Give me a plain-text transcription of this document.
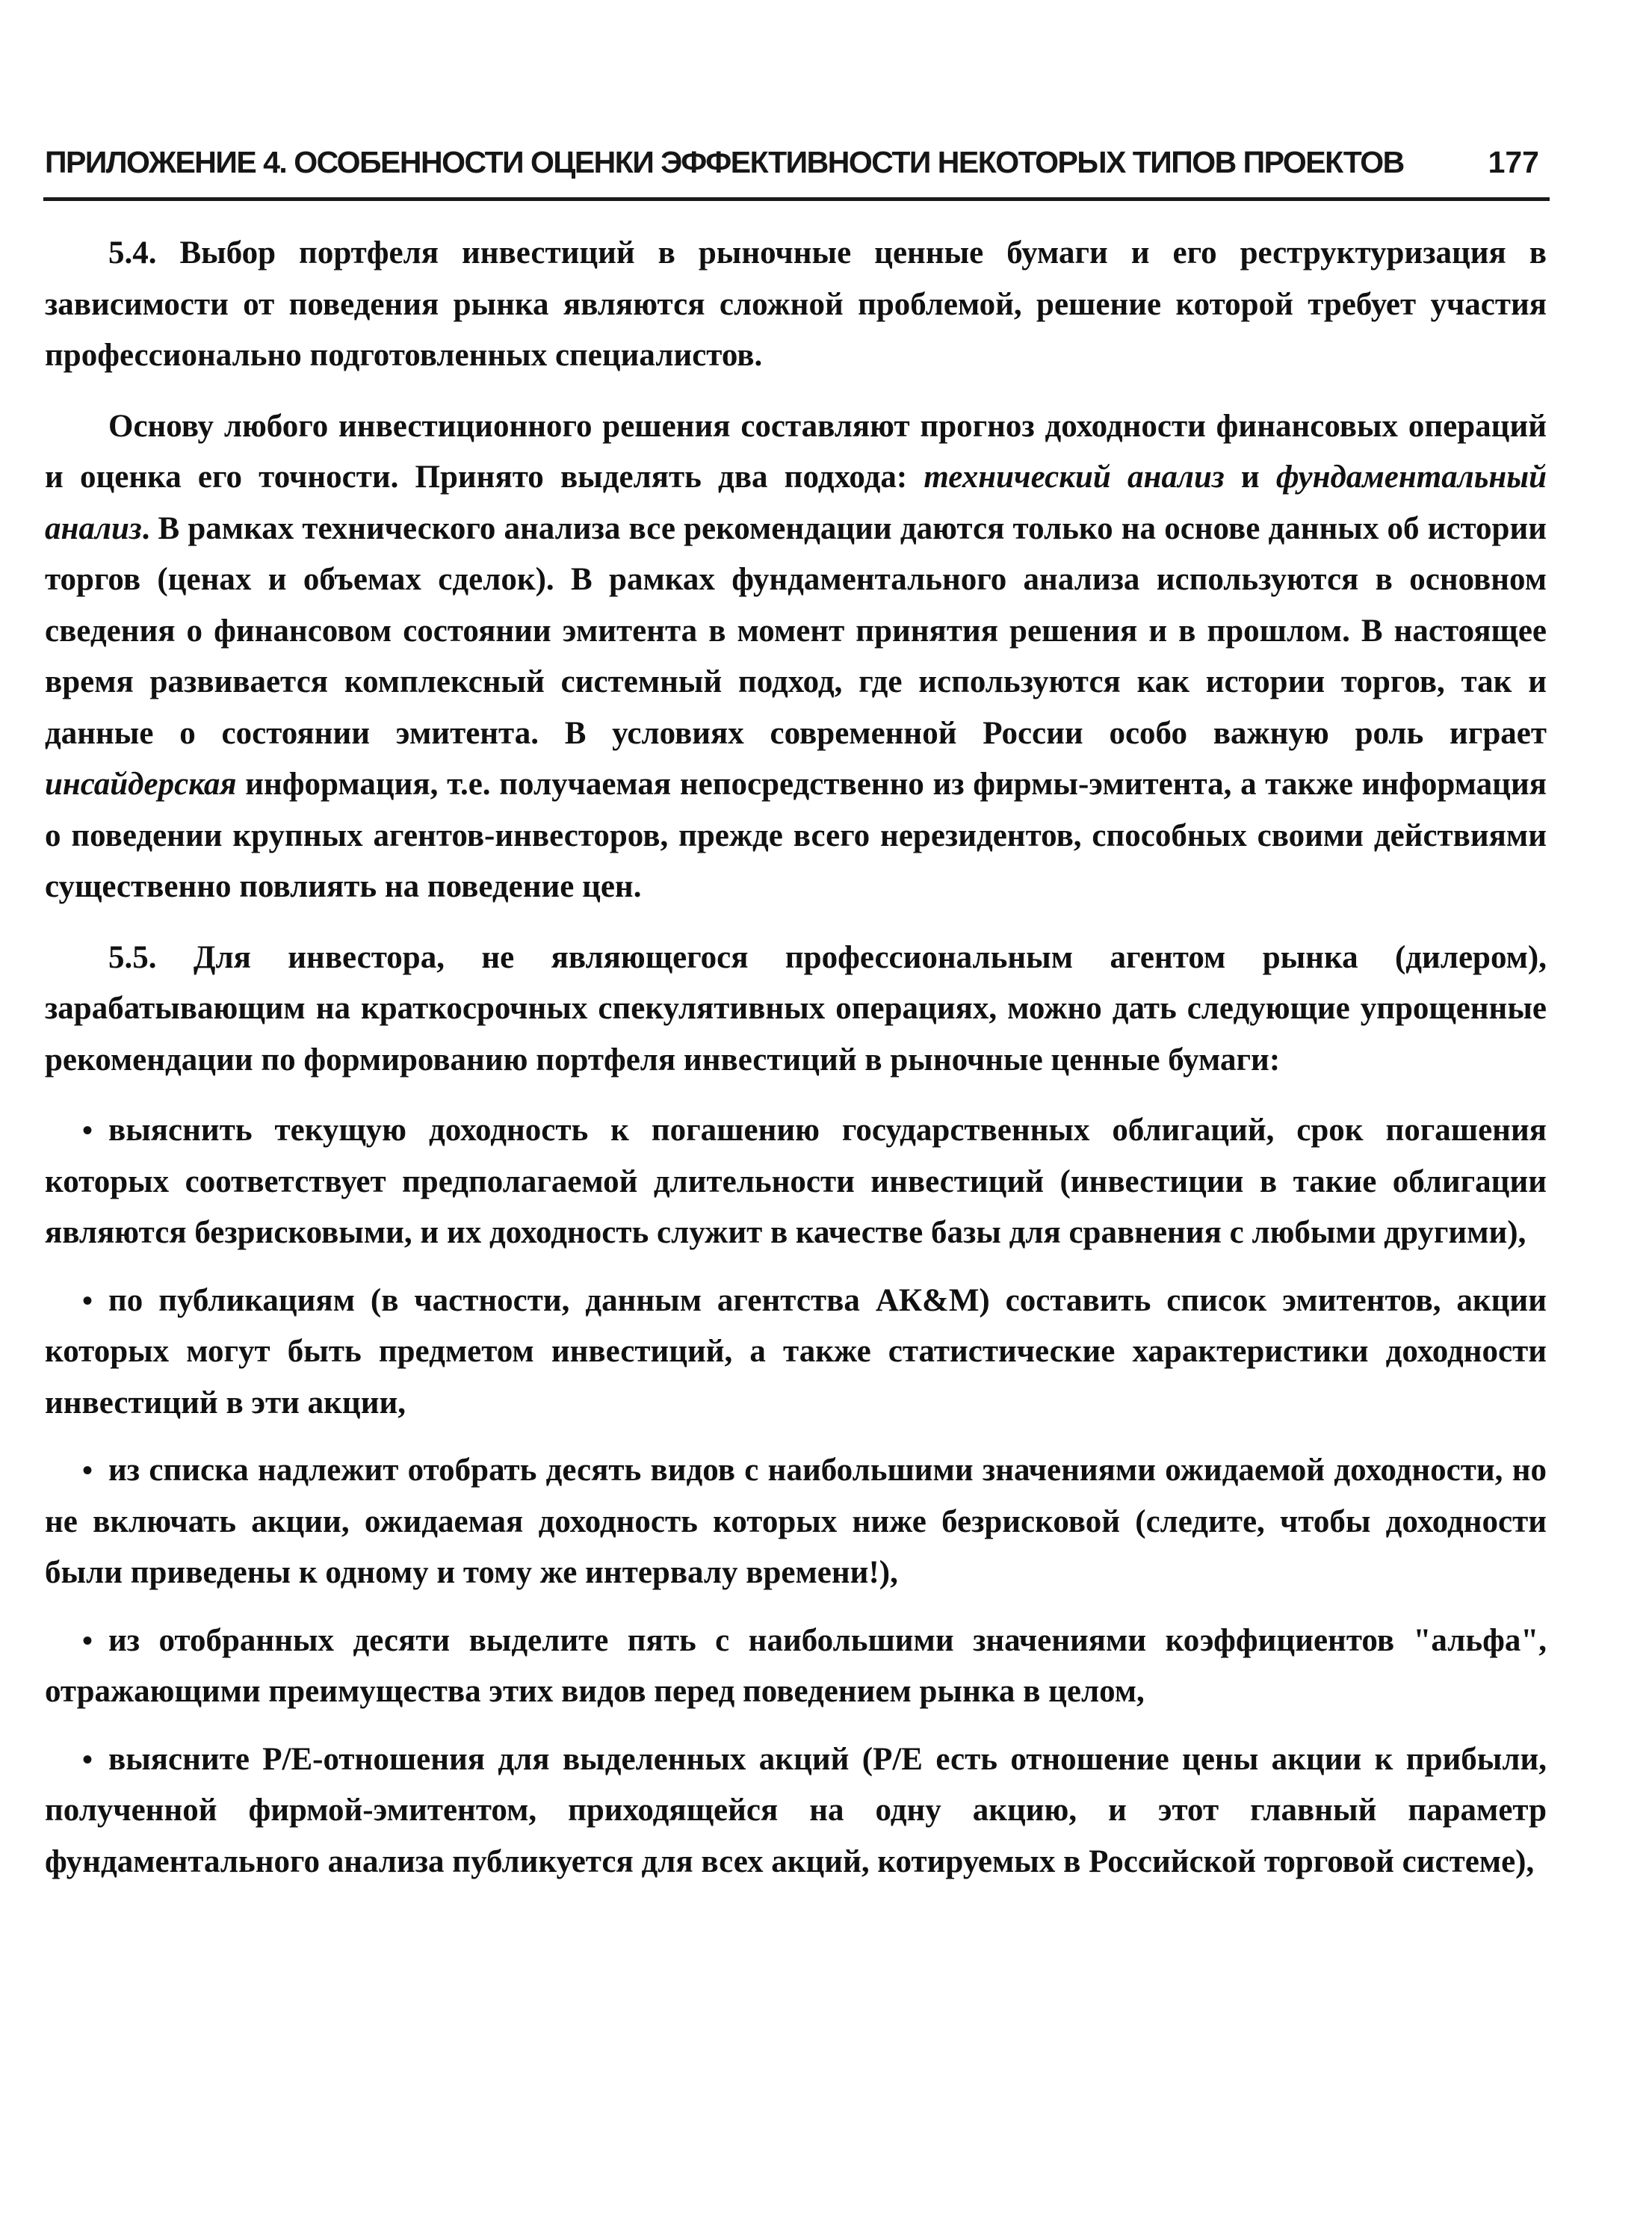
ПРИЛОЖЕНИЕ 4. ОСОБЕННОСТИ ОЦЕНКИ ЭФФЕКТИВНОСТИ НЕКОТОРЫХ ТИПОВ ПРОЕКТОВ	177

5.4. Выбор портфеля инвестиций в рыночные ценные бумаги и его реструктуризация в зависимости от поведения рынка являются сложной проблемой, решение которой требует участия профессионально подготовленных специалистов.

Основу любого инвестиционного решения составляют прогноз доходности финансовых операций и оценка его точности. Принято выделять два подхода: технический анализ и фундаментальный анализ. В рамках технического анализа все рекомендации даются только на основе данных об истории торгов (ценах и объемах сделок). В рамках фундаментального анализа используются в основном сведения о финансовом состоянии эмитента в момент принятия решения и в прошлом. В настоящее время развивается комплексный системный подход, где используются как истории торгов, так и данные о состоянии эмитента. В условиях современной России особо важную роль играет инсайдерская информация, т.е. получаемая непосредственно из фирмы-эмитента, а также информация о поведении крупных агентов-инвесторов, прежде всего нерезидентов, способных своими действиями существенно повлиять на поведение цен.

5.5. Для инвестора, не являющегося профессиональным агентом рынка (дилером), зарабатывающим на краткосрочных спекулятивных операциях, можно дать следующие упрощенные рекомендации по формированию портфеля инвестиций в рыночные ценные бумаги:

• выяснить текущую доходность к погашению государственных облигаций, срок погашения которых соответствует предполагаемой длительности инвестиций (инвестиции в такие облигации являются безрисковыми, и их доходность служит в качестве базы для сравнения с любыми другими),
• по публикациям (в частности, данным агентства АК&М) составить список эмитентов, акции которых могут быть предметом инвестиций, а также статистические характеристики доходности инвестиций в эти акции,
• из списка надлежит отобрать десять видов с наибольшими значениями ожидаемой доходности, но не включать акции, ожидаемая доходность которых ниже безрисковой (следите, чтобы доходности были приведены к одному и тому же интервалу времени!),
• из отобранных десяти выделите пять с наибольшими значениями коэффициентов "альфа", отражающими преимущества этих видов перед поведением рынка в целом,
• выясните Р/Е-отношения для выделенных акций (Р/Е есть отношение цены акции к прибыли, полученной фирмой-эмитентом, приходящейся на одну акцию, и этот главный параметр фундаментального анализа публикуется для всех акций, котируемых в Российской торговой системе),
